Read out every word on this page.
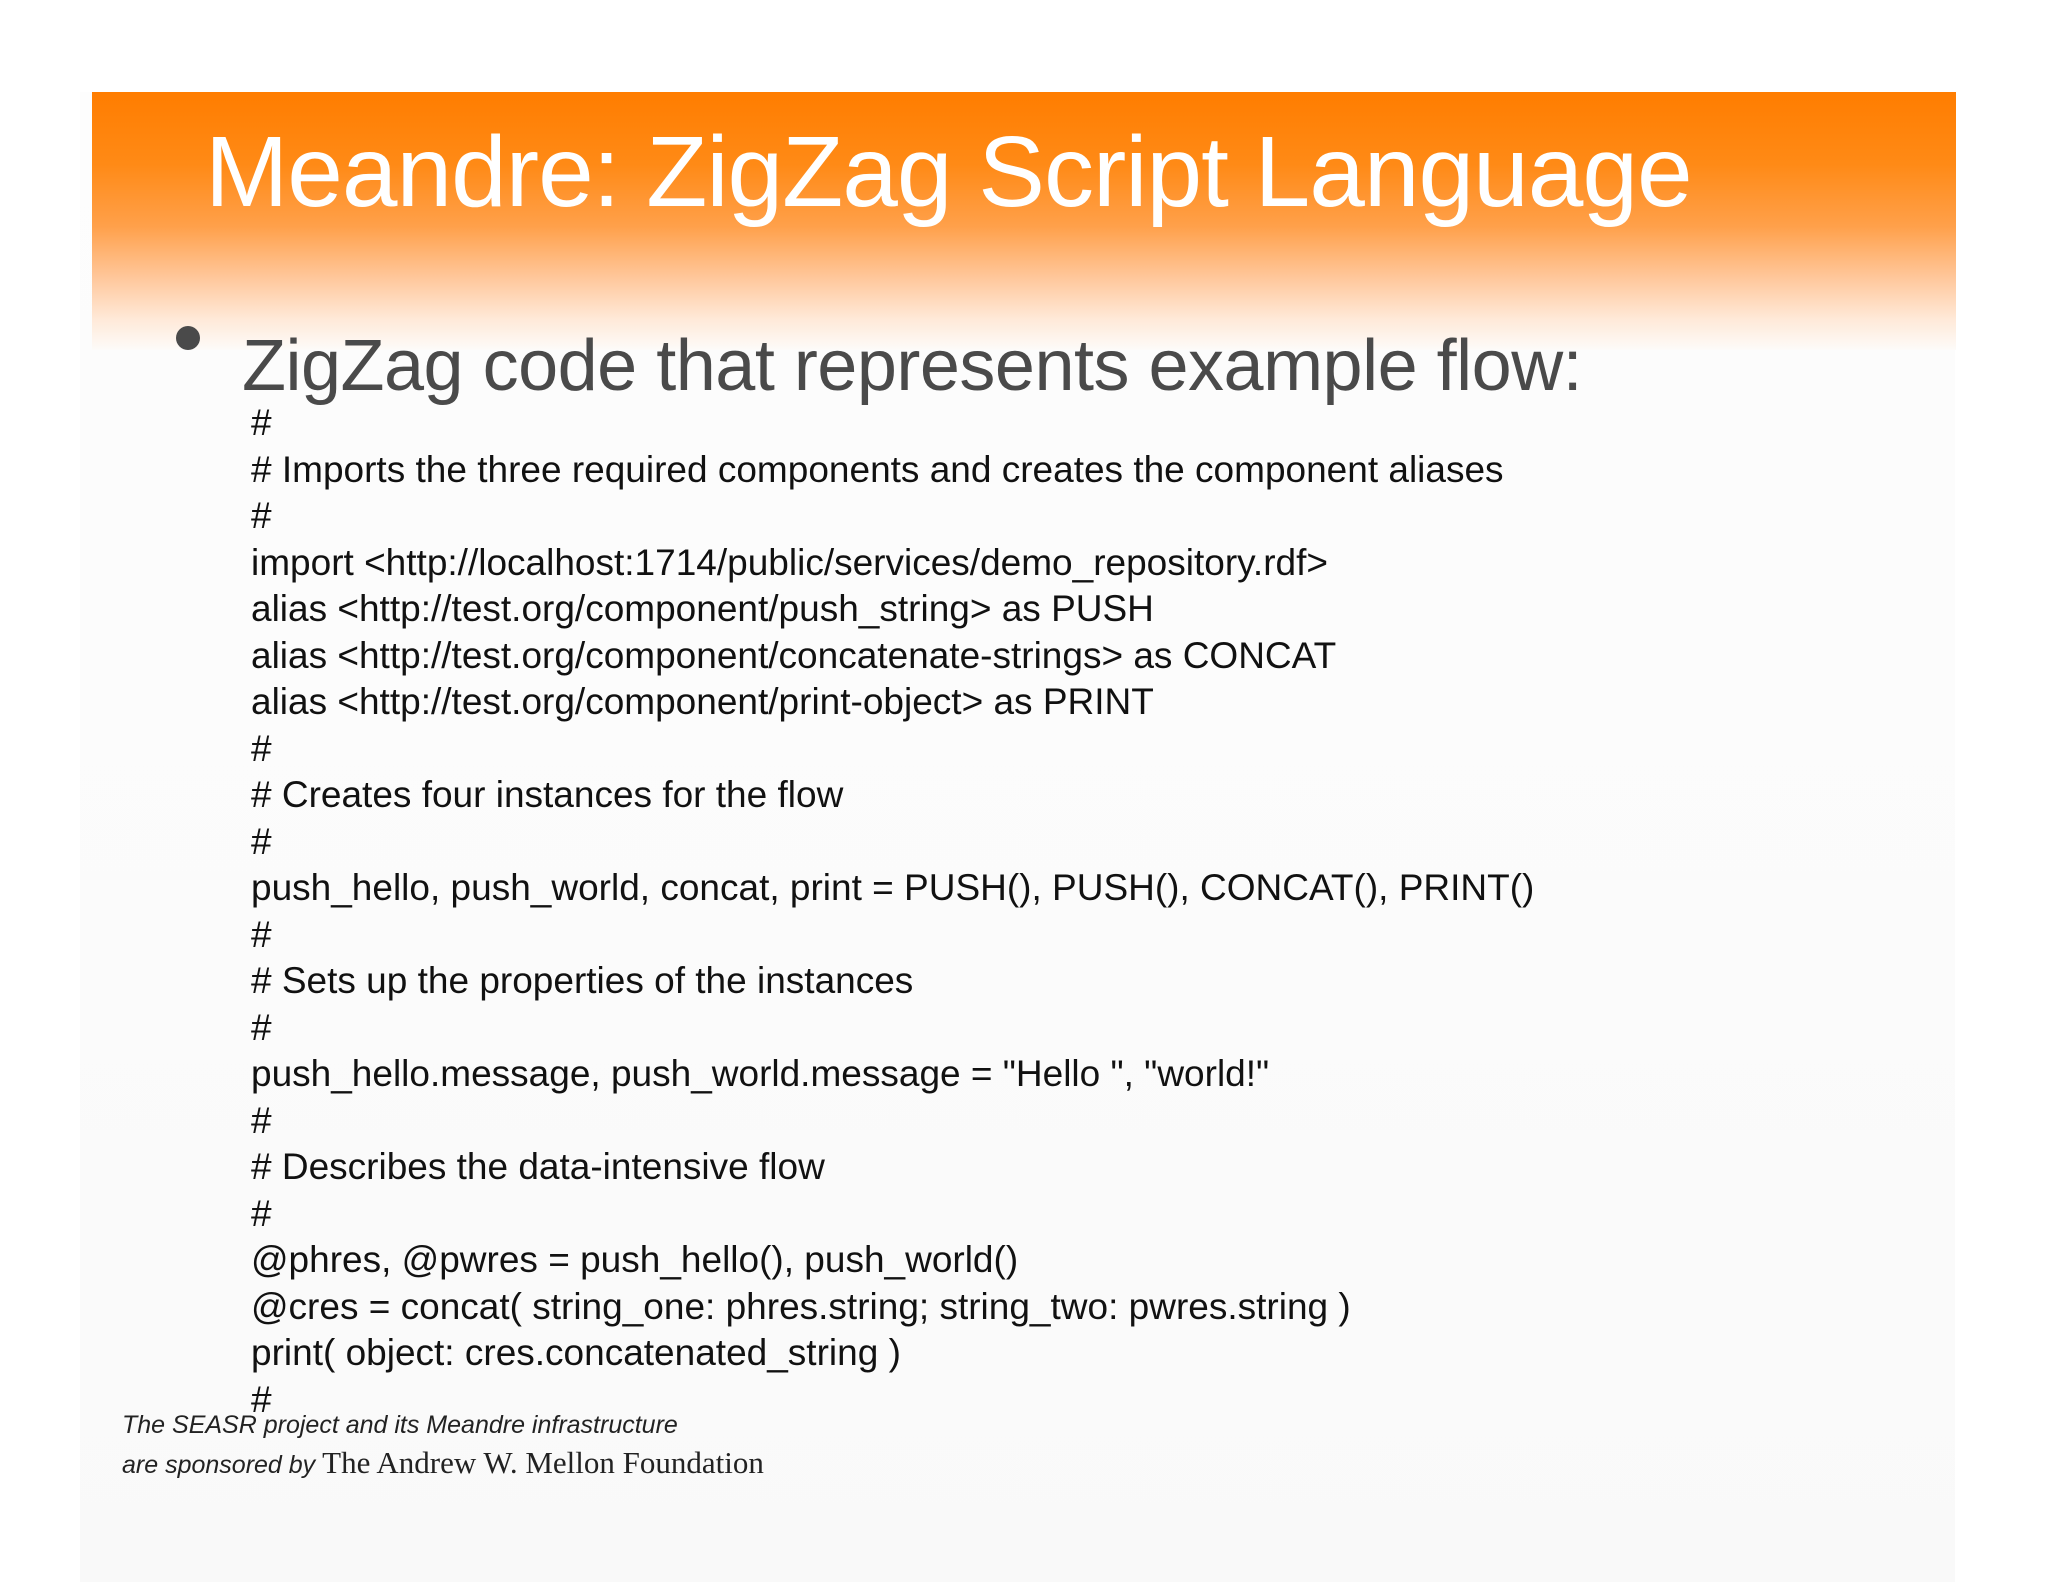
Meandre: ZigZag Script Language
ZigZag code that represents example flow:
#
# Imports the three required components and creates the component aliases
#
import <http://localhost:1714/public/services/demo_repository.rdf>
alias <http://test.org/component/push_string> as PUSH
alias <http://test.org/component/concatenate-strings> as CONCAT
alias <http://test.org/component/print-object> as PRINT
#
# Creates four instances for the flow
#
push_hello, push_world, concat, print = PUSH(), PUSH(), CONCAT(), PRINT()
#
# Sets up the properties of the instances
#
push_hello.message, push_world.message = "Hello ", "world!"
#
# Describes the data-intensive flow
#
@phres, @pwres = push_hello(), push_world()
@cres = concat( string_one: phres.string; string_two: pwres.string )
print( object: cres.concatenated_string )
#
The SEASR project and its Meandre infrastructure
are sponsored by The Andrew W. Mellon Foundation
